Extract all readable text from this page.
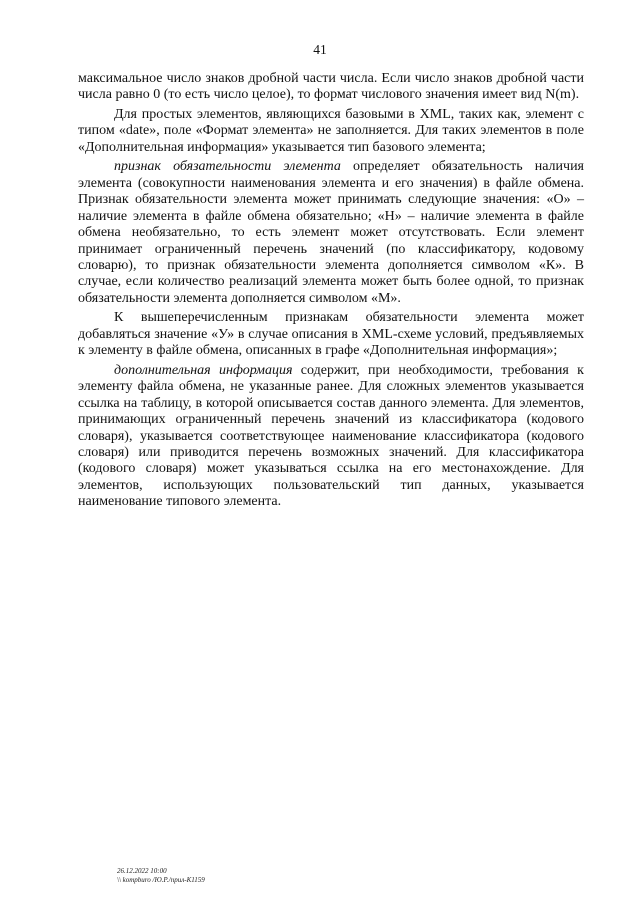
41

максимальное число знаков дробной части числа. Если число знаков дробной части числа равно 0 (то есть число целое), то формат числового значения имеет вид N(m).

Для простых элементов, являющихся базовыми в XML, таких как, элемент с типом «date», поле «Формат элемента» не заполняется. Для таких элементов в поле «Дополнительная информация» указывается тип базового элемента;

признак обязательности элемента определяет обязательность наличия элемента (совокупности наименования элемента и его значения) в файле обмена. Признак обязательности элемента может принимать следующие значения: «О» – наличие элемента в файле обмена обязательно; «Н» – наличие элемента в файле обмена необязательно, то есть элемент может отсутствовать. Если элемент принимает ограниченный перечень значений (по классификатору, кодовому словарю), то признак обязательности элемента дополняется символом «К». В случае, если количество реализаций элемента может быть более одной, то признак обязательности элемента дополняется символом «М».

К вышеперечисленным признакам обязательности элемента может добавляться значение «У» в случае описания в XML-схеме условий, предъявляемых к элементу в файле обмена, описанных в графе «Дополнительная информация»;

дополнительная информация содержит, при необходимости, требования к элементу файла обмена, не указанные ранее. Для сложных элементов указывается ссылка на таблицу, в которой описывается состав данного элемента. Для элементов, принимающих ограниченный перечень значений из классификатора (кодового словаря), указывается соответствующее наименование классификатора (кодового словаря) или приводится перечень возможных значений. Для классификатора (кодового словаря) может указываться ссылка на его местонахождение. Для элементов, использующих пользовательский тип данных, указывается наименование типового элемента.

26.12.2022 10:00
\\ kompburo /Ю.Р./прил-К1159
